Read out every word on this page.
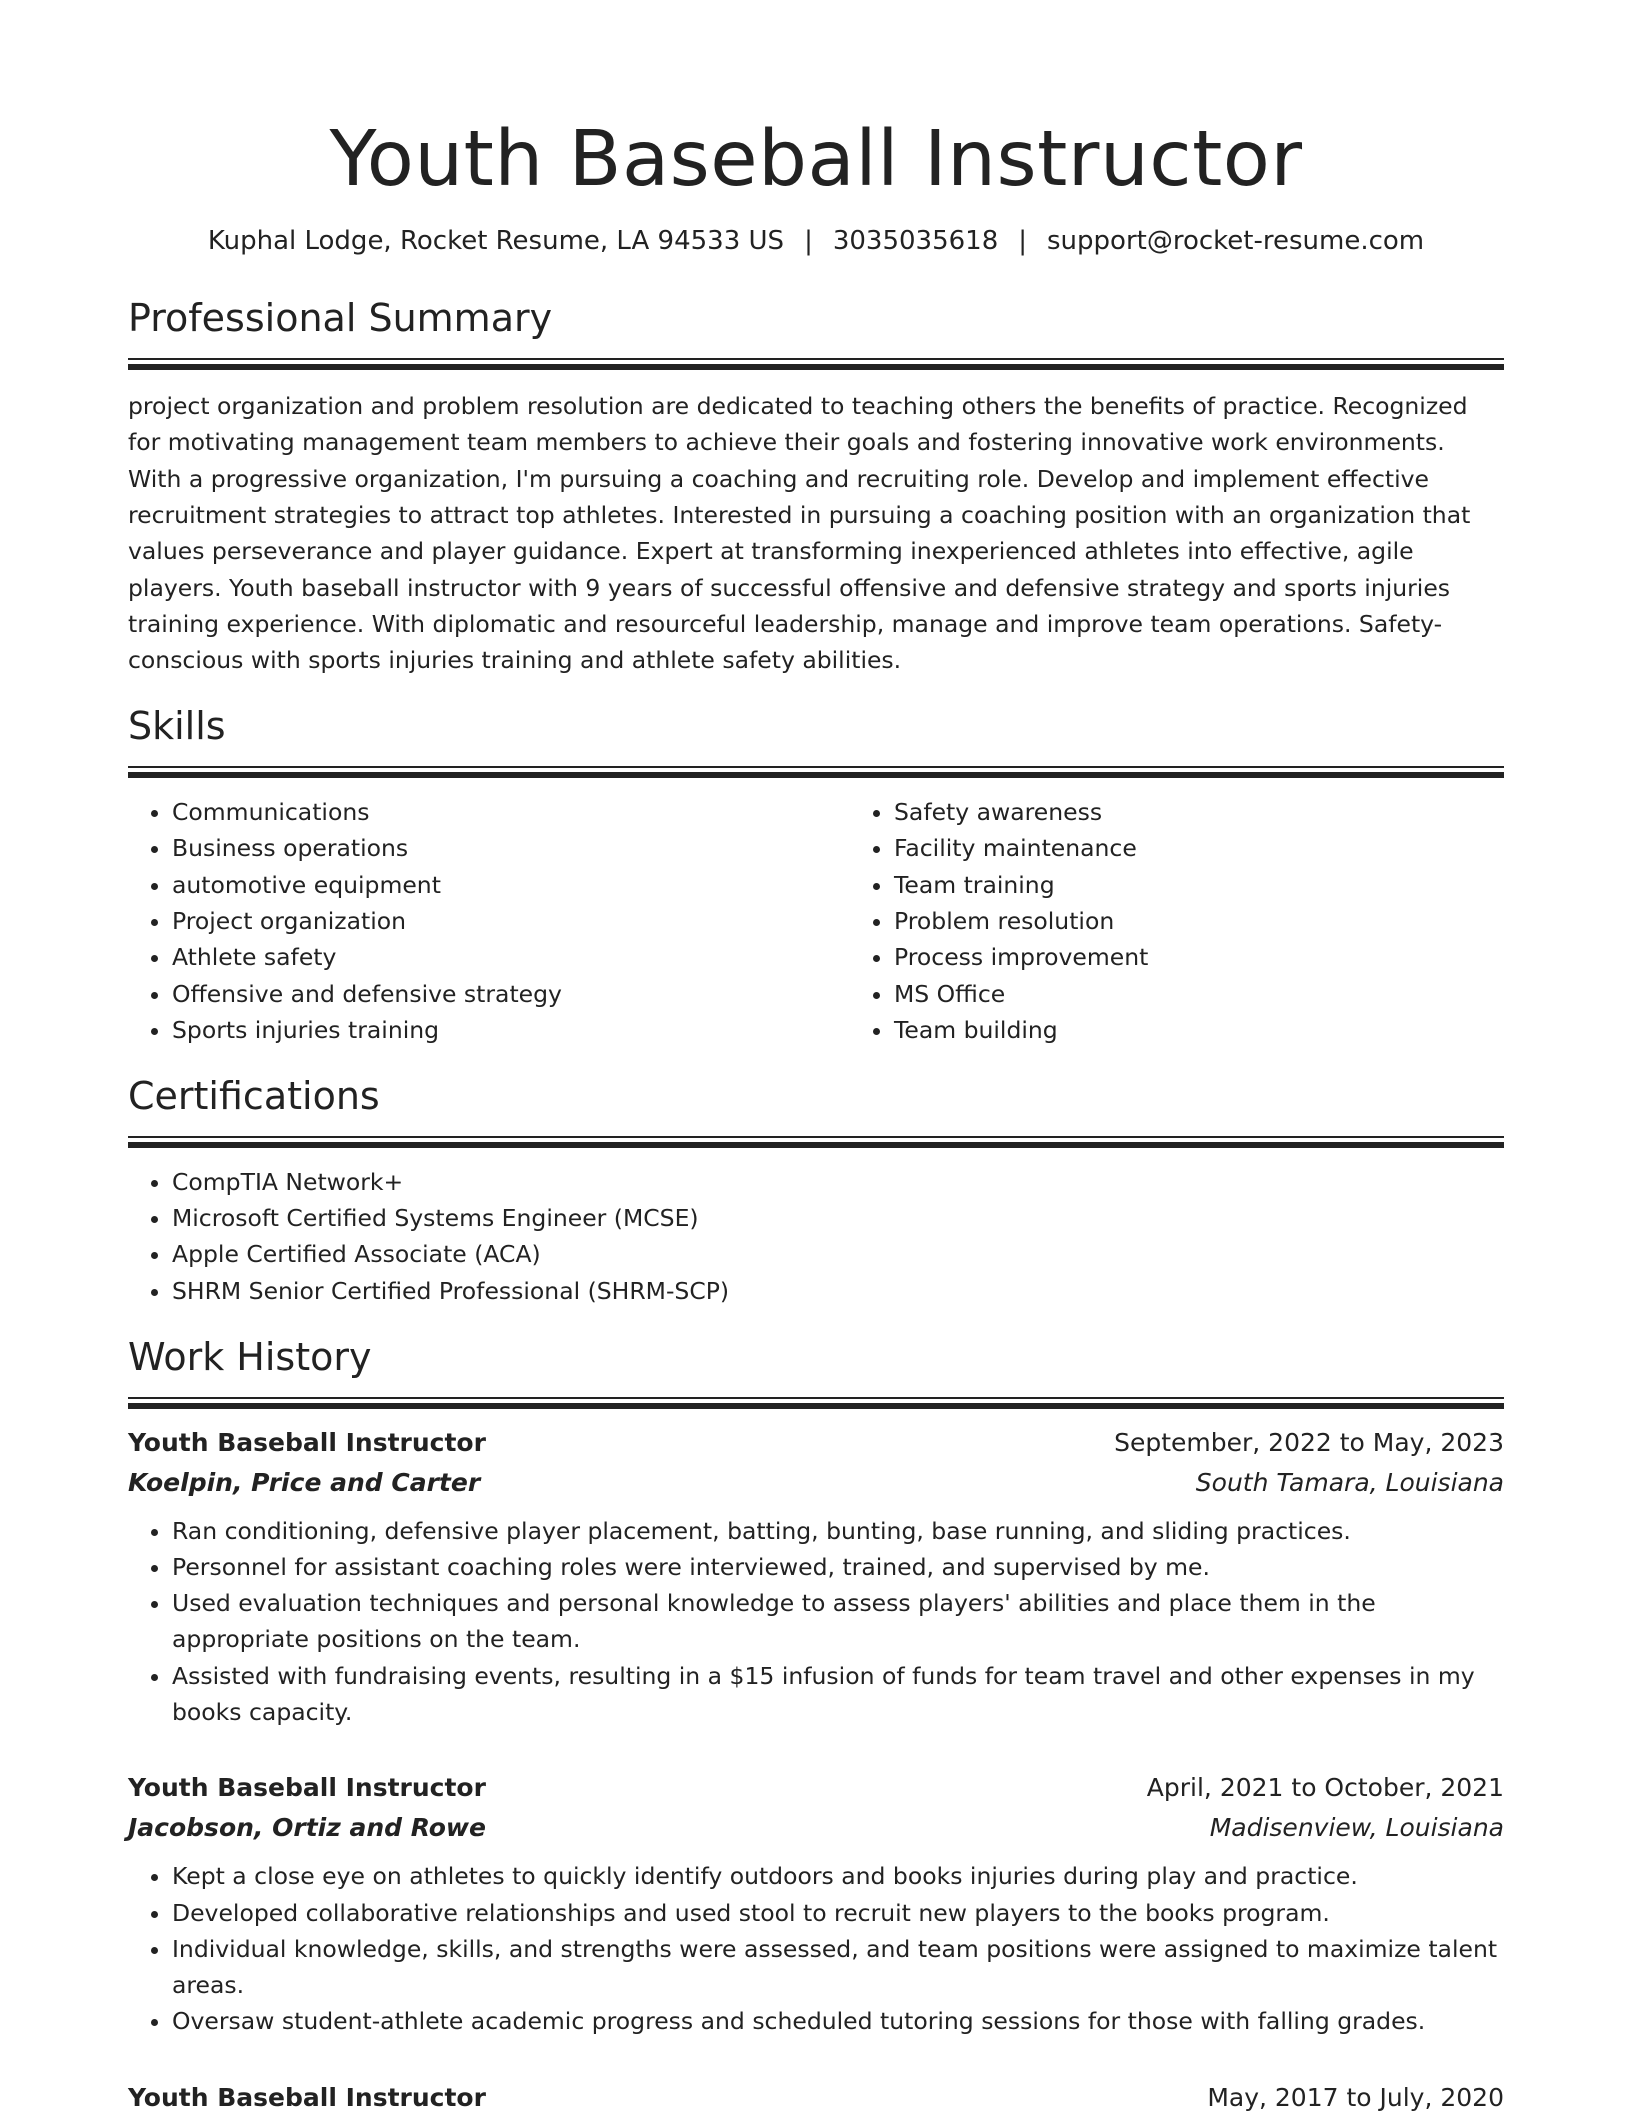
Youth Baseball Instructor
Kuphal Lodge, Rocket Resume, LA 94533 US | 3035035618 | support@rocket-resume.com
Professional Summary

project organization and problem resolution are dedicated to teaching others the benefits of practice. Recognized for motivating management team members to achieve their goals and fostering innovative work environments. With a progressive organization, I'm pursuing a coaching and recruiting role. Develop and implement effective recruitment strategies to attract top athletes. Interested in pursuing a coaching position with an organization that values perseverance and player guidance. Expert at transforming inexperienced athletes into effective, agile players. Youth baseball instructor with 9 years of successful offensive and defensive strategy and sports injuries training experience. With diplomatic and resourceful leadership, manage and improve team operations. Safety-conscious with sports injuries training and athlete safety abilities.

Skills
• Communications
• Business operations
• automotive equipment
• Project organization
• Athlete safety
• Offensive and defensive strategy
• Sports injuries training
• Safety awareness
• Facility maintenance
• Team training
• Problem resolution
• Process improvement
• MS Office
• Team building
Certifications
• CompTIA Network+
• Microsoft Certified Systems Engineer (MCSE)
• Apple Certified Associate (ACA)
• SHRM Senior Certified Professional (SHRM-SCP)
Work History
Youth Baseball Instructor	September, 2022 to May, 2023
Koelpin, Price and Carter	South Tamara, Louisiana
• Ran conditioning, defensive player placement, batting, bunting, base running, and sliding practices.
• Personnel for assistant coaching roles were interviewed, trained, and supervised by me.
• Used evaluation techniques and personal knowledge to assess players' abilities and place them in the appropriate positions on the team.
• Assisted with fundraising events, resulting in a $15 infusion of funds for team travel and other expenses in my books capacity.
Youth Baseball Instructor	April, 2021 to October, 2021
Jacobson, Ortiz and Rowe	Madisenview, Louisiana
• Kept a close eye on athletes to quickly identify outdoors and books injuries during play and practice.
• Developed collaborative relationships and used stool to recruit new players to the books program.
• Individual knowledge, skills, and strengths were assessed, and team positions were assigned to maximize talent areas.
• Oversaw student-athlete academic progress and scheduled tutoring sessions for those with falling grades.
Youth Baseball Instructor	May, 2017 to July, 2020
